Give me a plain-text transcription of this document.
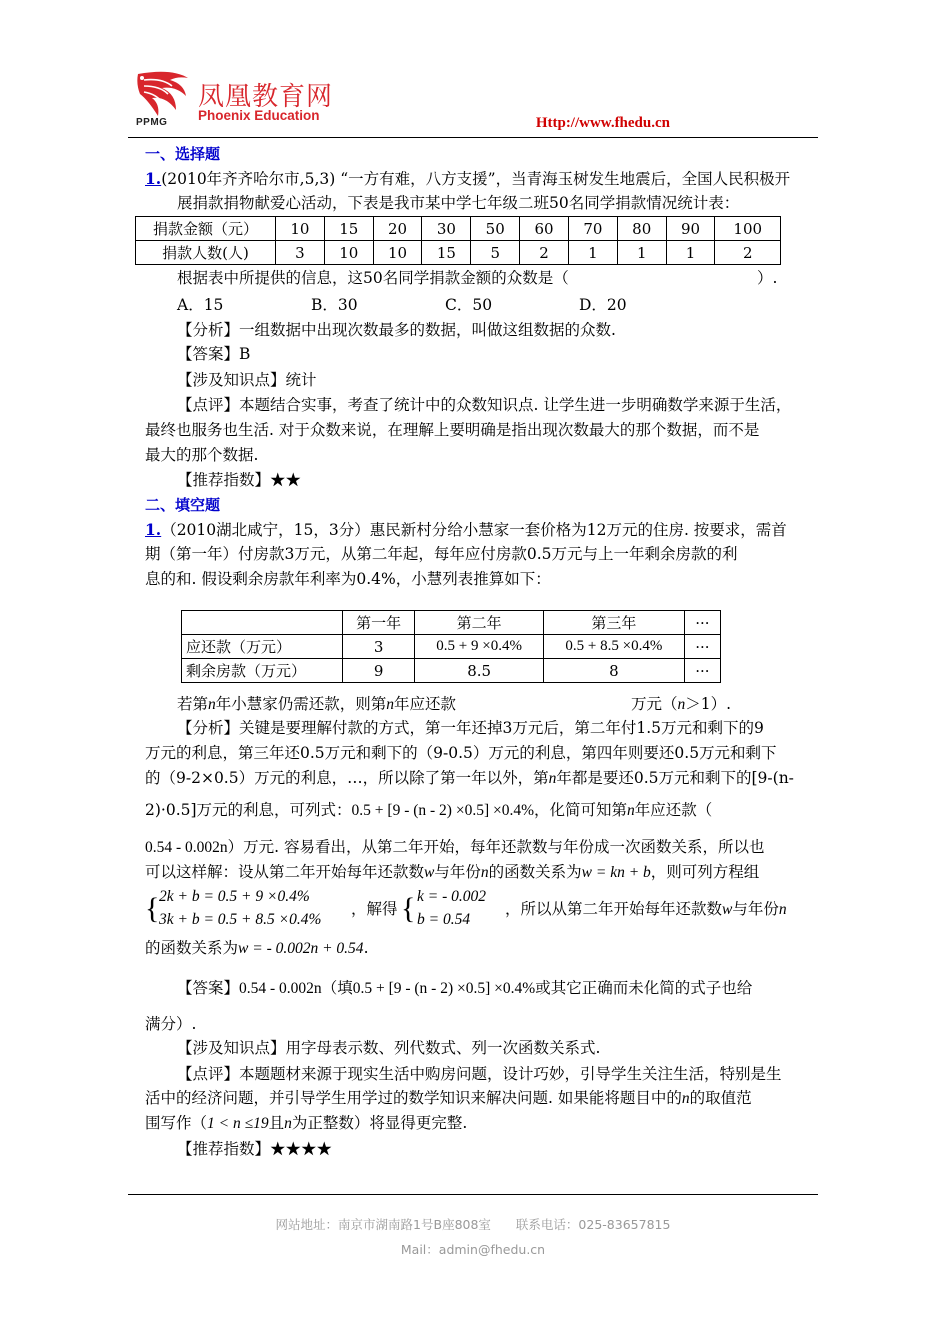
凤凰教育网
Phoenix Education
PPMG	Http://www.fhedu.cn
一、选择题
1.(2010年齐齐哈尔市,5,3) “一方有难，八方支援”，当青海玉树发生地震后，全国人民积极开
展捐款捐物献爱心活动，下表是我市某中学七年级二班50名同学捐款情况统计表：
捐款金额（元）	10	15	20	30	50	60	70	80	90	100
捐款人数(人)	3	10	10	15	5	2	1	1	1	2
根据表中所提供的信息，这50名同学捐款金额的众数是（	）.
A．15	B．30	C．50	D．20
【分析】一组数据中出现次数最多的数据，叫做这组数据的众数.
【答案】B
【涉及知识点】统计
【点评】本题结合实事，考查了统计中的众数知识点. 让学生进一步明确数学来源于生活，
最终也服务也生活. 对于众数来说，在理解上要明确是指出现次数最大的那个数据，而不是
最大的那个数据.
【推荐指数】★★
二、填空题
1.（2010湖北咸宁，15，3分）惠民新村分给小慧家一套价格为12万元的住房. 按要求，需首
期（第一年）付房款3万元，从第二年起，每年应付房款0.5万元与上一年剩余房款的利
息的和. 假设剩余房款年利率为0.4%，小慧列表推算如下：
	第一年	第二年	第三年	···
应还款（万元）	3	0.5 + 9 ×0.4%	0.5 + 8.5 ×0.4%	···
剩余房款（万元）	9	8.5	8	···
若第n年小慧家仍需还款，则第n年应还款	万元（n＞1）.
【分析】关键是要理解付款的方式，第一年还掉3万元后，第二年付1.5万元和剩下的9
万元的利息，第三年还0.5万元和剩下的（9-0.5）万元的利息，第四年则要还0.5万元和剩下
的（9-2×0.5）万元的利息，…，所以除了第一年以外，第n年都是要还0.5万元和剩下的[9-(n-
2)·0.5]万元的利息，可列式：0.5 + [9 - (n - 2) ×0.5] ×0.4%，化简可知第n年应还款（
0.54 - 0.002n）万元. 容易看出，从第二年开始，每年还款数与年份成一次函数关系，所以也
可以这样解：设从第二年开始每年还款数w与年份n的函数关系为w = kn + b，则可列方程组
{ 2k + b = 0.5 + 9 ×0.4%
3k + b = 0.5 + 8.5 ×0.4%
，解得 { k = - 0.002
b = 0.54
，所以从第二年开始每年还款数w与年份n
的函数关系为w = - 0.002n + 0.54.
【答案】0.54 - 0.002n（填0.5 + [9 - (n - 2) ×0.5] ×0.4%或其它正确而未化简的式子也给
满分）.
【涉及知识点】用字母表示数、列代数式、列一次函数关系式.
【点评】本题题材来源于现实生活中购房问题，设计巧妙，引导学生关注生活，特别是生
活中的经济问题，并引导学生用学过的数学知识来解决问题. 如果能将题目中的n的取值范
围写作（1 < n ≤19且n为正整数）将显得更完整.
【推荐指数】★★★★
网站地址：南京市湖南路1号B座808室　　联系电话：025-83657815
Mail：admin@fhedu.cn
